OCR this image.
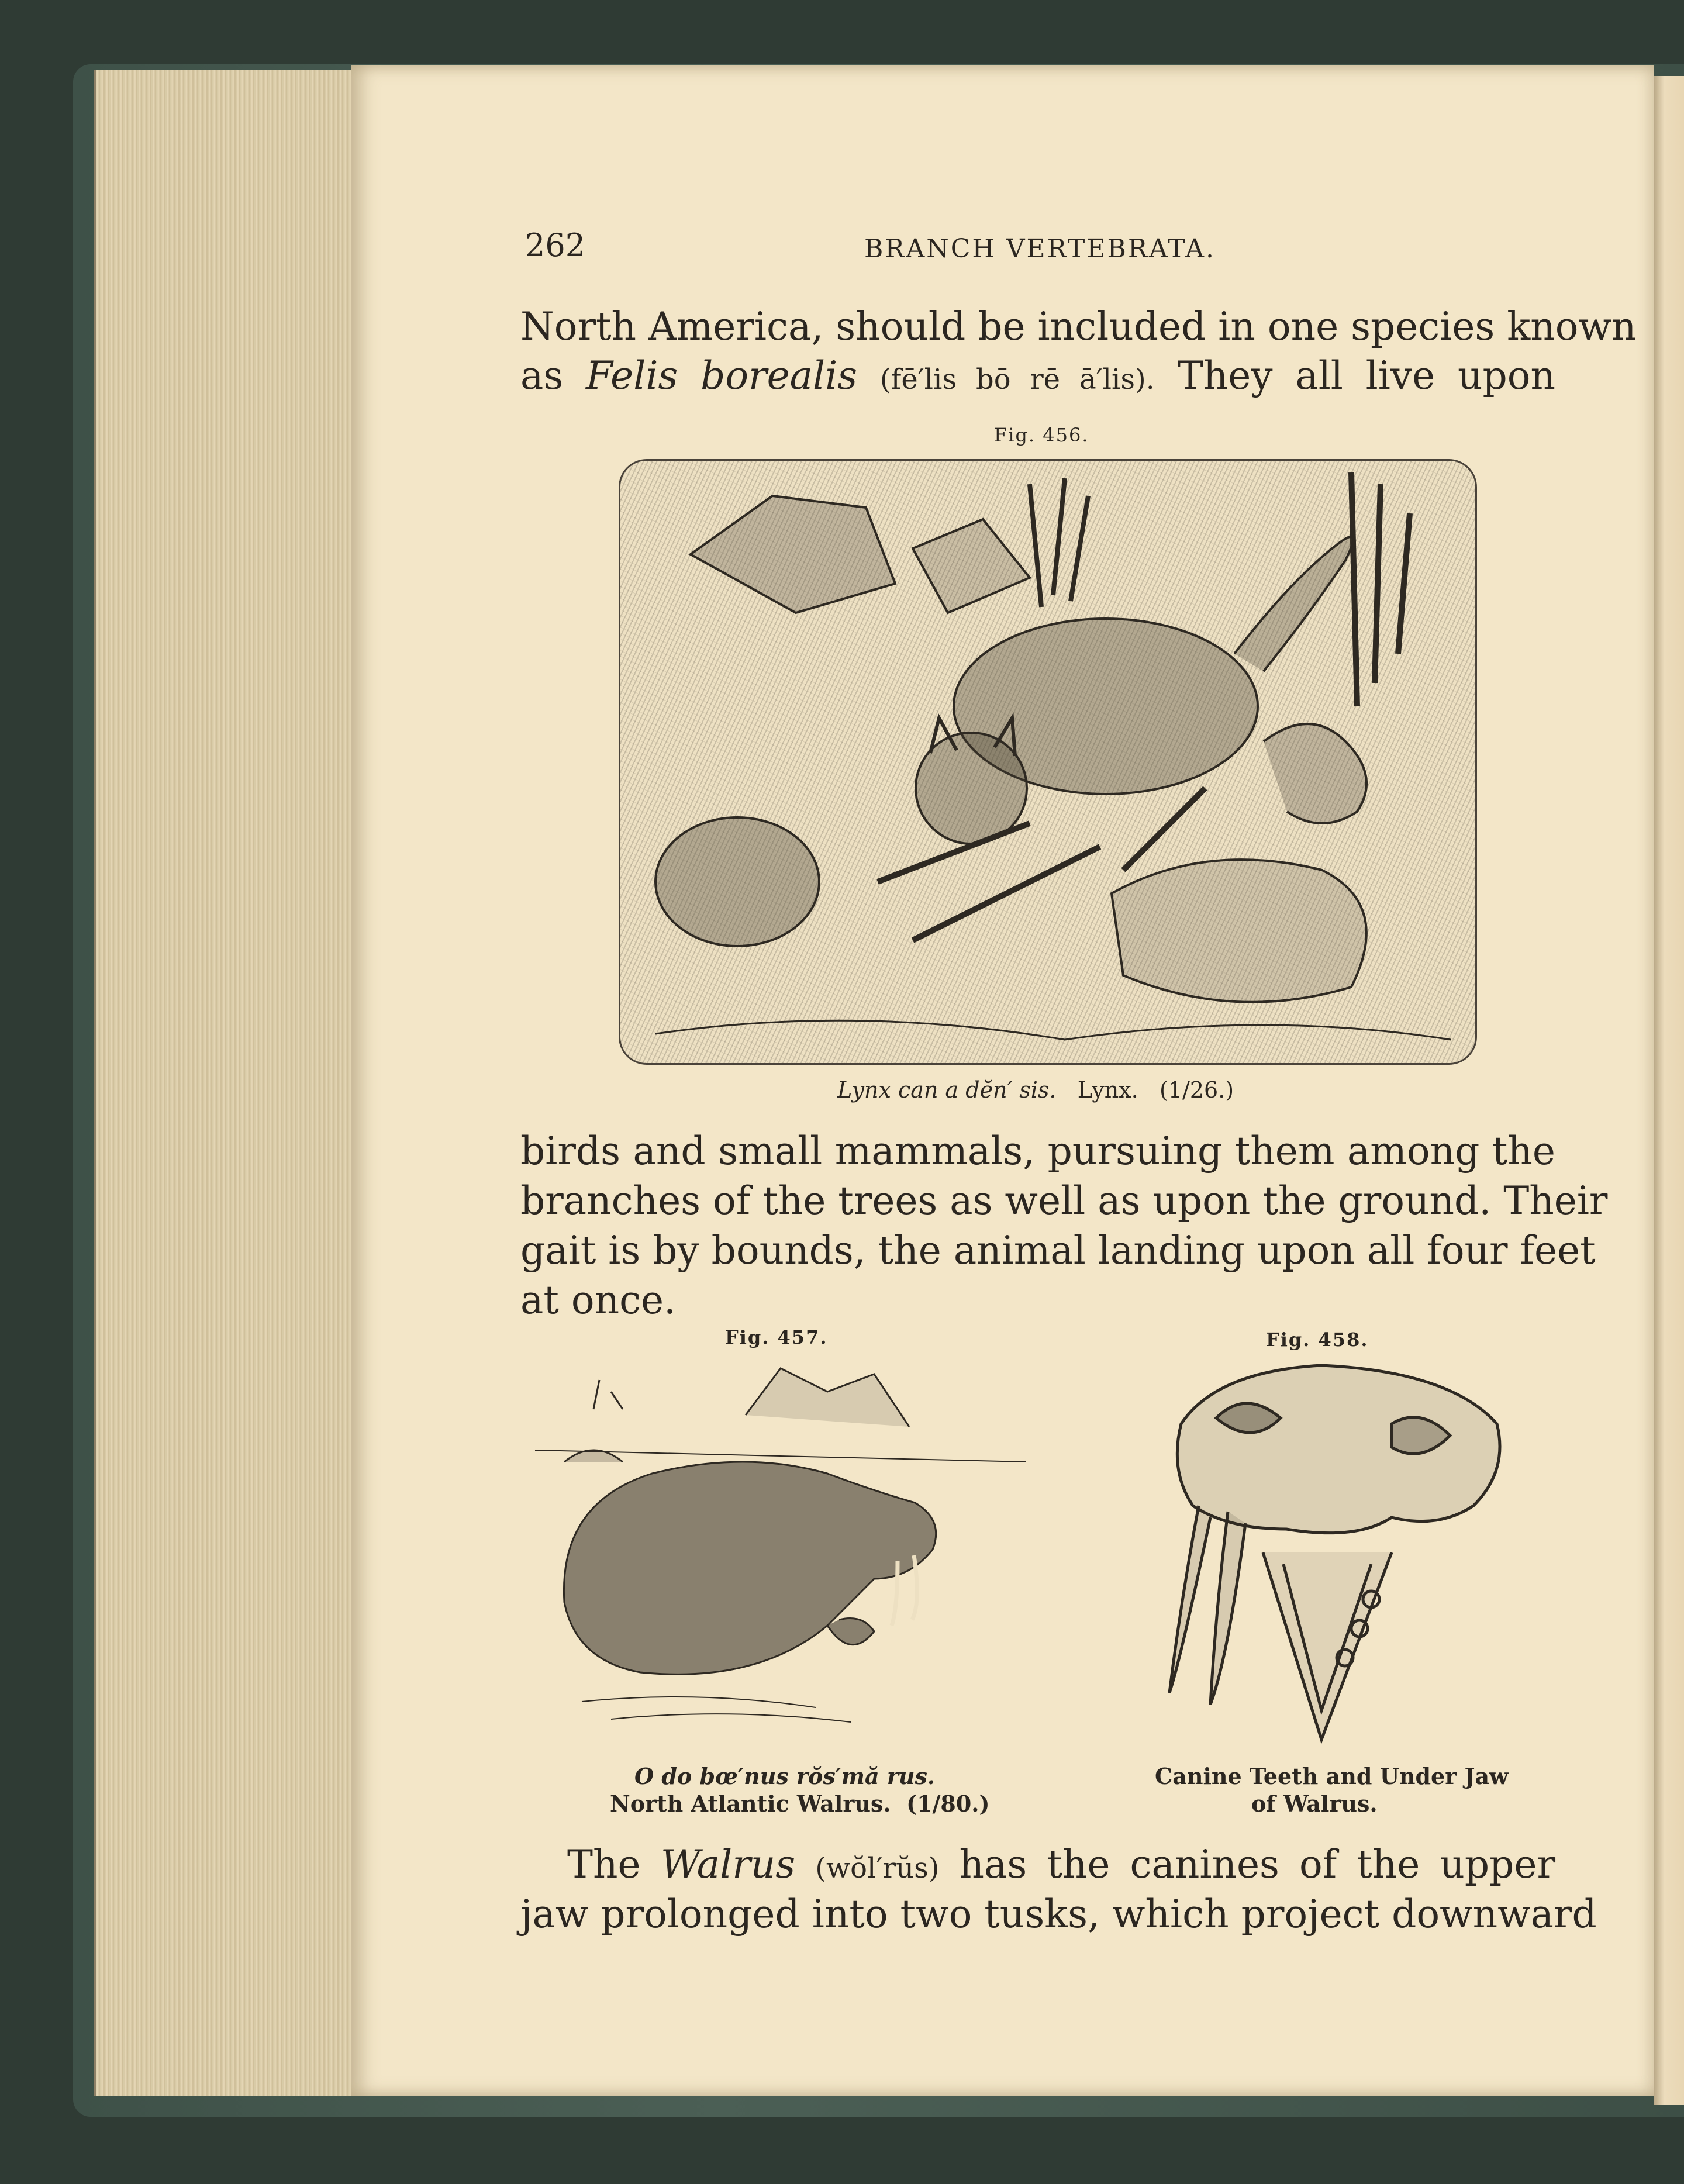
262	BRANCH VERTEBRATA.
North America, should be included in one species known
as Felis borealis (fē′lis bō rē ā′lis). They all live upon
Fig. 456.
Lynx can a dĕn′ sis. Lynx. (1/26.)
birds and small mammals, pursuing them among the
branches of the trees as well as upon the ground. Their
gait is by bounds, the animal landing upon all four feet
at once.
Fig. 457.
O do bœ′nus rŏs′mă rus.
North Atlantic Walrus. (1/80.)
Fig. 458.
Canine Teeth and Under Jaw
of Walrus.
The Walrus (wŏl′rŭs) has the canines of the upper
jaw prolonged into two tusks, which project downward
